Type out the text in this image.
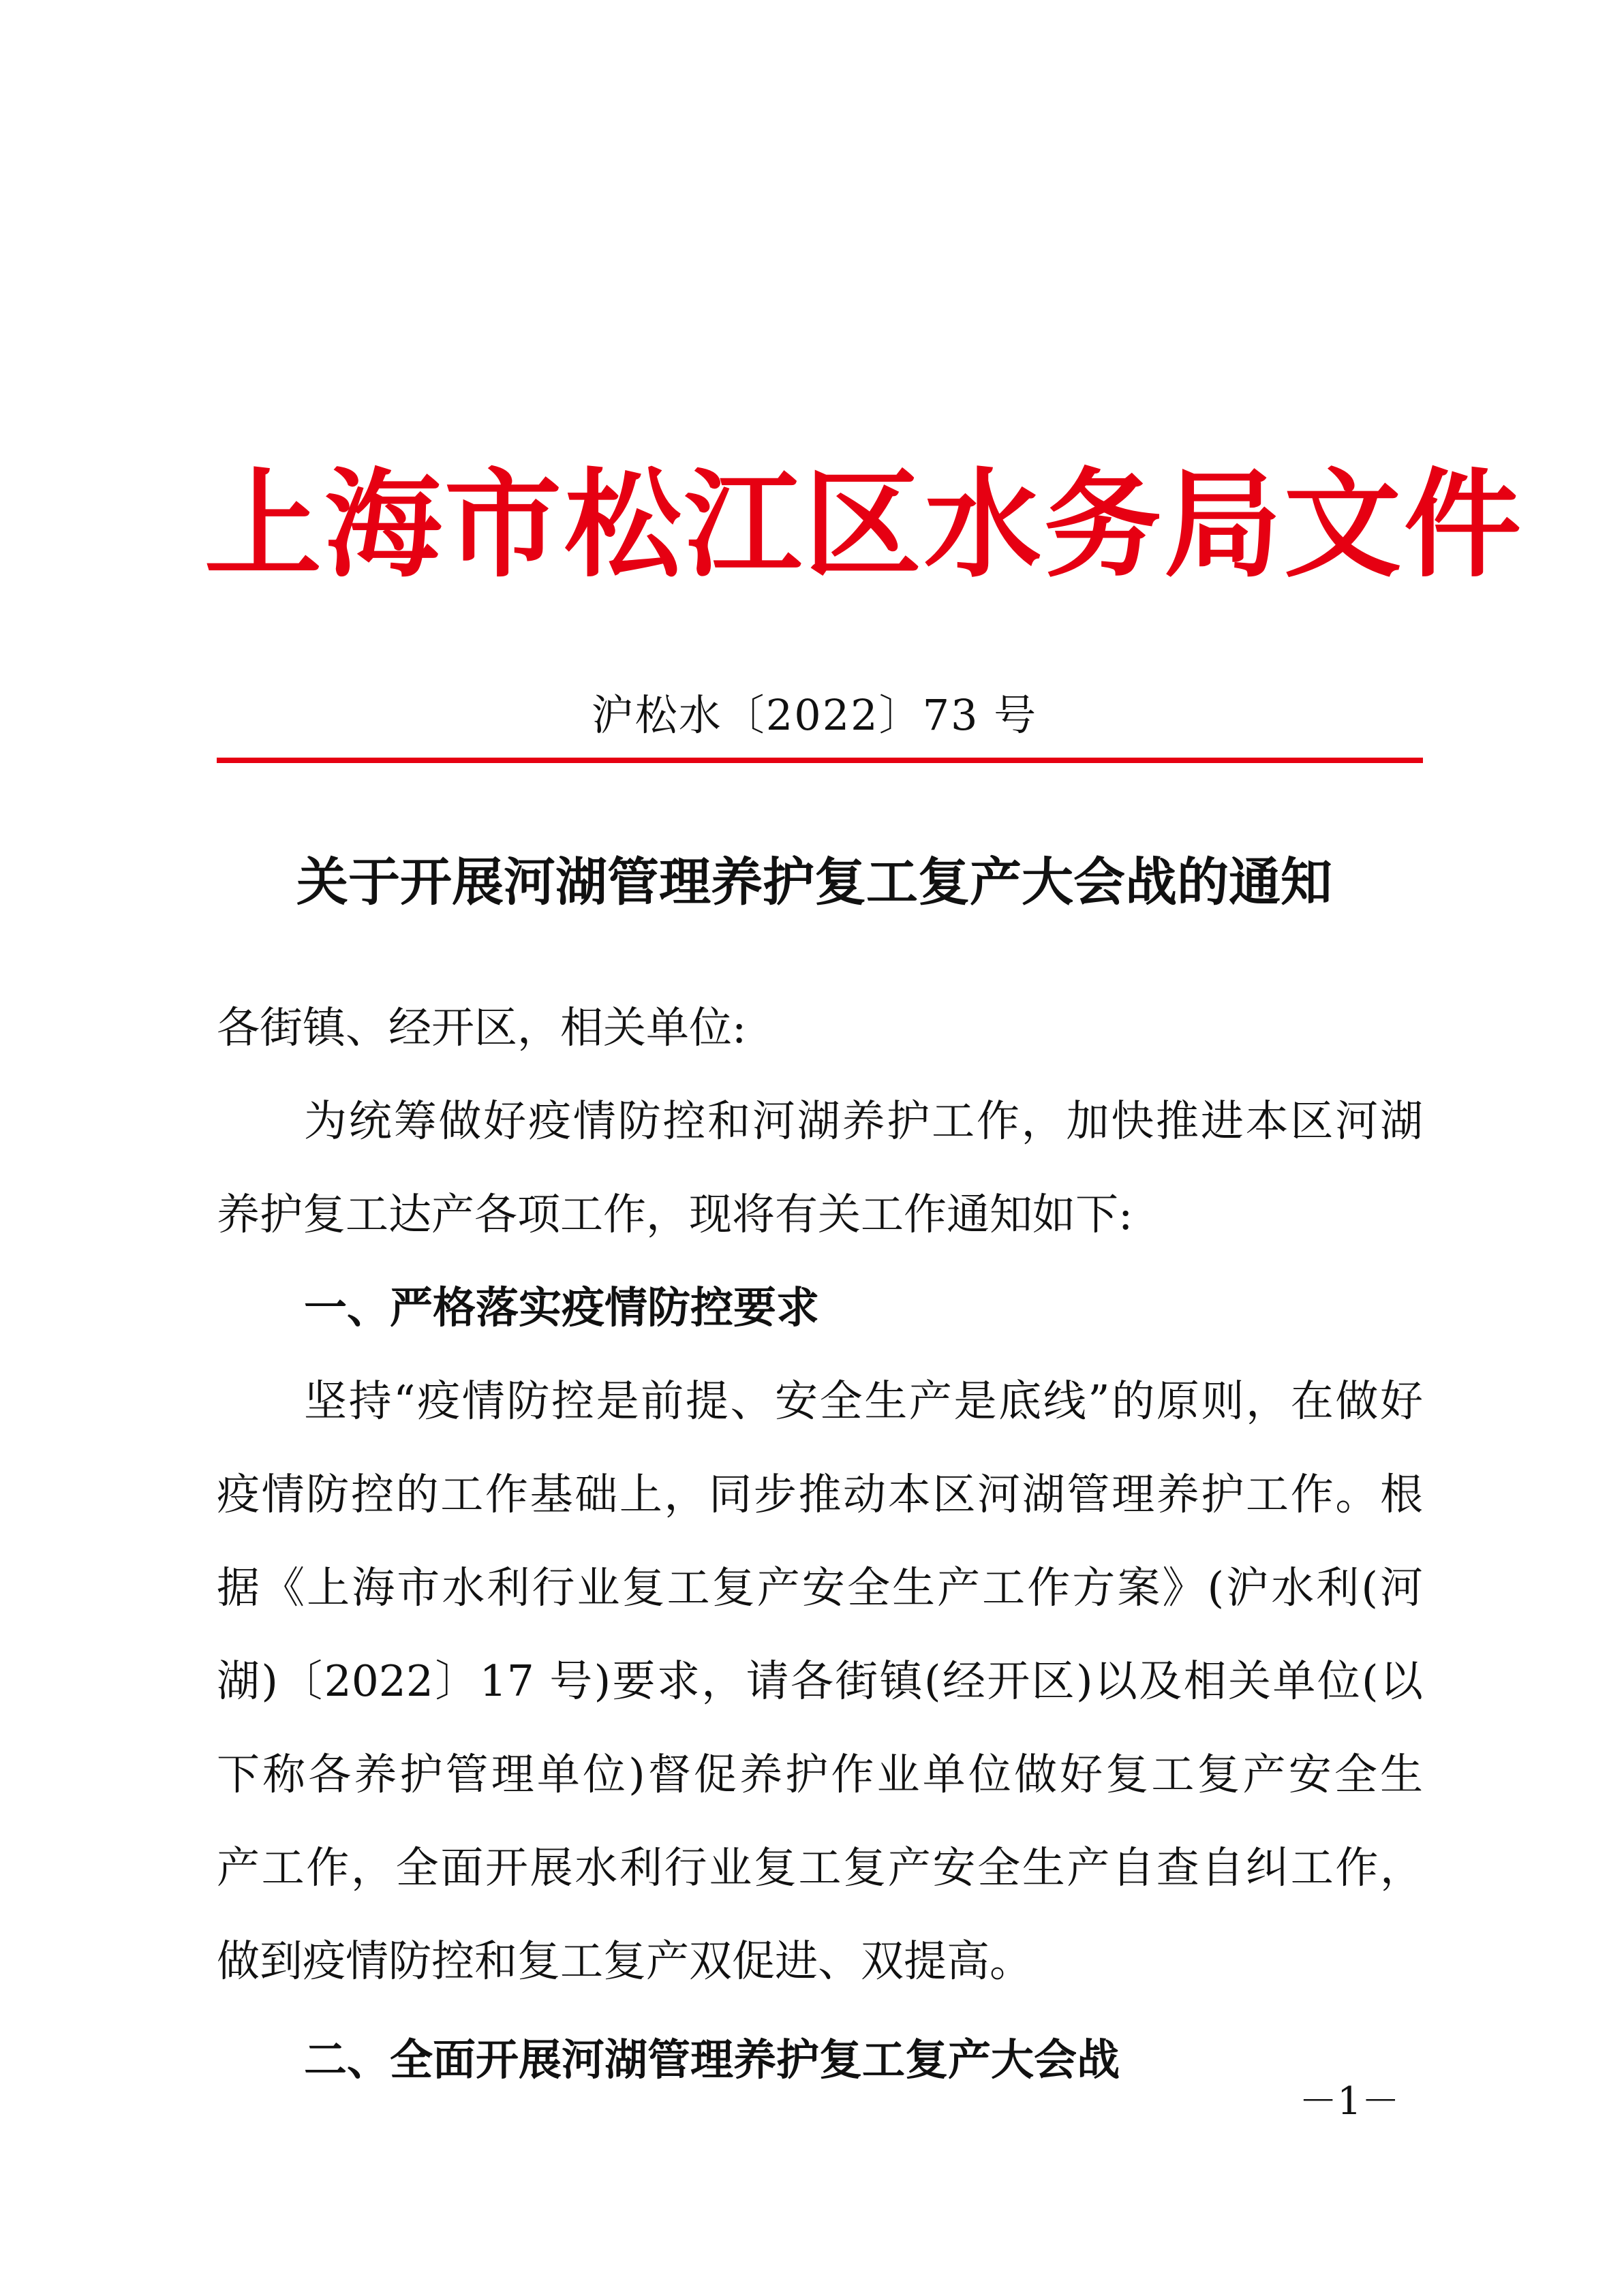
上海市松江区水务局文件
沪松水〔2022〕73 号
关于开展河湖管理养护复工复产大会战的通知
各街镇、经开区，相关单位:
为统筹做好疫情防控和河湖养护工作，加快推进本区河湖
养护复工达产各项工作，现将有关工作通知如下:
一、严格落实疫情防控要求
坚持“疫情防控是前提、安全生产是底线”的原则，在做好
疫情防控的工作基础上，同步推动本区河湖管理养护工作。根
据《上海市水利行业复工复产安全生产工作方案》(沪水利(河
湖)〔2022〕17 号)要求，请各街镇(经开区)以及相关单位(以
下称各养护管理单位)督促养护作业单位做好复工复产安全生
产工作，全面开展水利行业复工复产安全生产自查自纠工作，
做到疫情防控和复工复产双促进、双提高。
二、全面开展河湖管理养护复工复产大会战
－1－
